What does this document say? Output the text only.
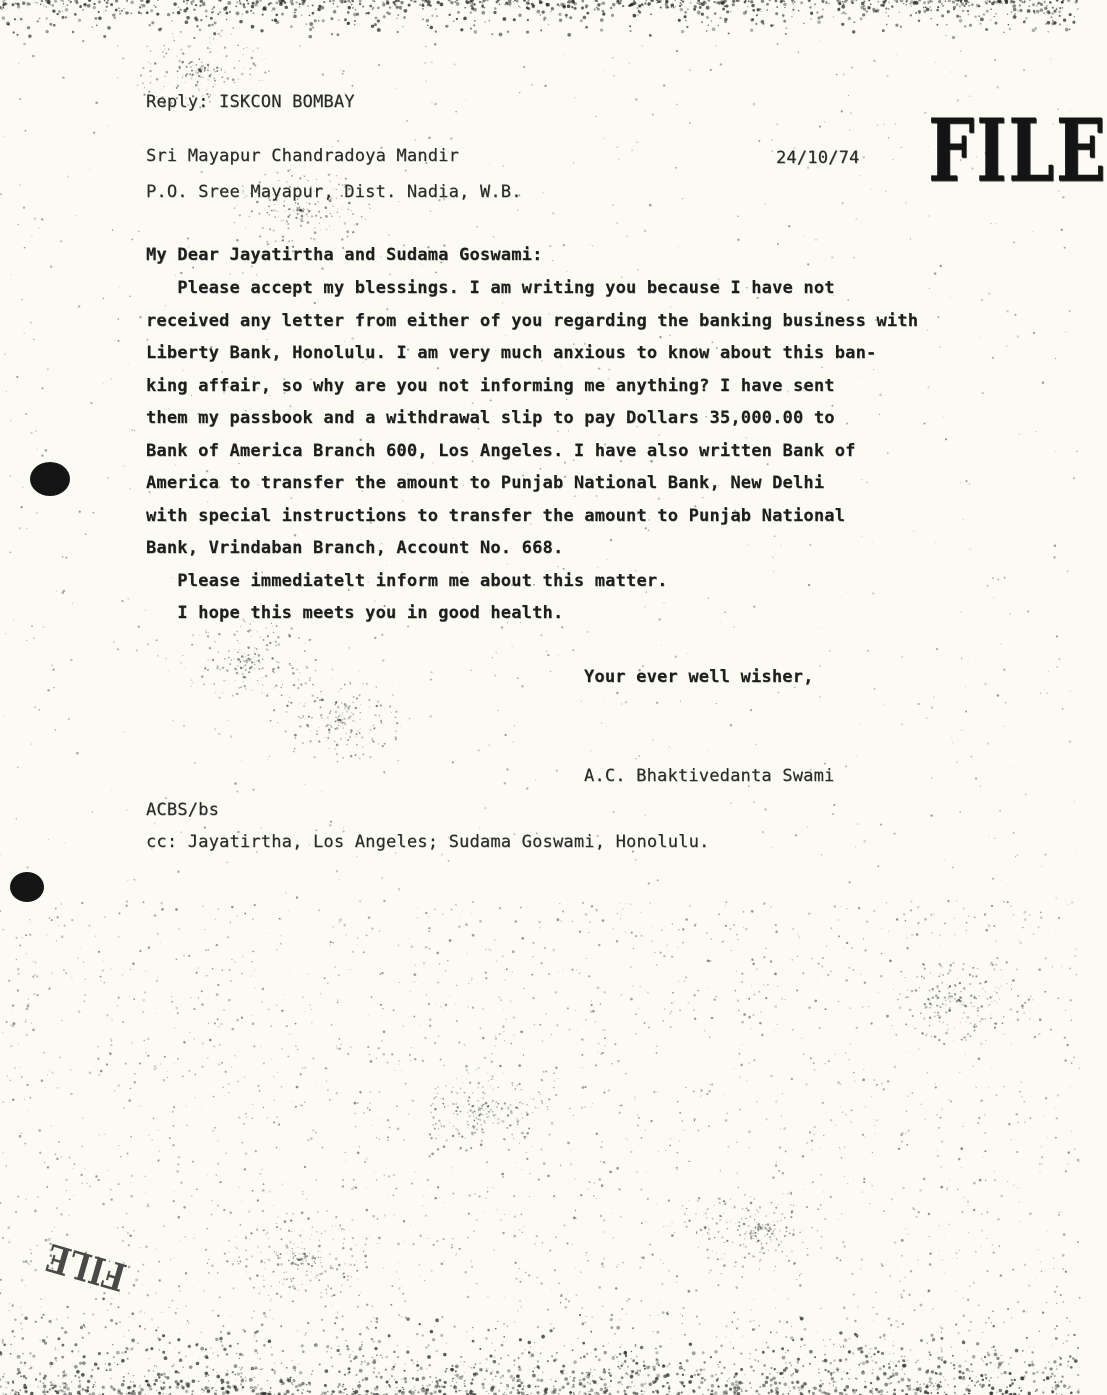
Reply: ISKCON BOMBAY
Sri Mayapur Chandradoya Mandir
P.O. Sree Mayapur, Dist. Nadia, W.B.
24/10/74 FILE
My Dear Jayatirtha and Sudama Goswami:
Please accept my blessings. I am writing you because I have not
received any letter from either of you regarding the banking business with
Liberty Bank, Honolulu. I am very much anxious to know about this ban-
king affair, so why are you not informing me anything? I have sent
them my passbook and a withdrawal slip to pay Dollars 35,000.00 to
Bank of America Branch 600, Los Angeles. I have also written Bank of
America to transfer the amount to Punjab National Bank, New Delhi
with special instructions to transfer the amount to Punjab National
Bank, Vrindaban Branch, Account No. 668.
Please immediatelt inform me about this matter.
I hope this meets you in good health.
Your ever well wisher,
A.C. Bhaktivedanta Swami
ACBS/bs
cc: Jayatirtha, Los Angeles; Sudama Goswami, Honolulu.
FILE
